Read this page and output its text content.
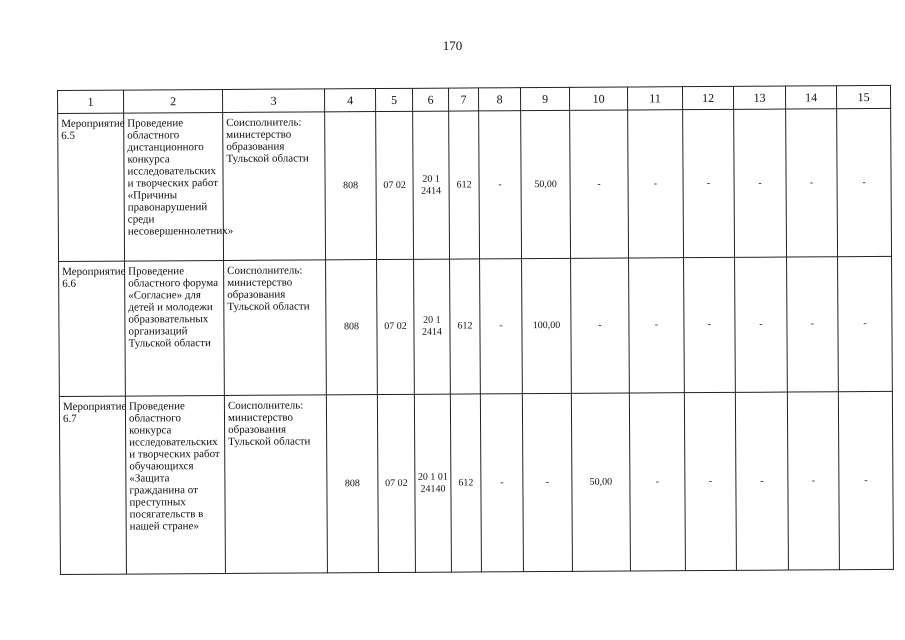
170
1	2	3	4	5	6	7	8	9	10	11	12	13	14	15
Мероприятие 6.5	Проведение областного дистанционного конкурса исследовательских и творческих работ «Причины правонарушений среди несовершеннолетних»	Соисполнитель: министерство образования Тульской области	808	07 02	20 1 2414	612	-	50,00	-	-	-	-	-	-
Мероприятие 6.6	Проведение областного форума «Согласие» для детей и молодежи образовательных организаций Тульской области	Соисполнитель: министерство образования Тульской области	808	07 02	20 1 2414	612	-	100,00	-	-	-	-	-	-
Мероприятие 6.7	Проведение областного конкурса исследовательских и творческих работ обучающихся «Защита гражданина от преступных посягательств в нашей стране»	Соисполнитель: министерство образования Тульской области	808	07 02	20 1 01 24140	612	-	-	50,00	-	-	-	-	-
